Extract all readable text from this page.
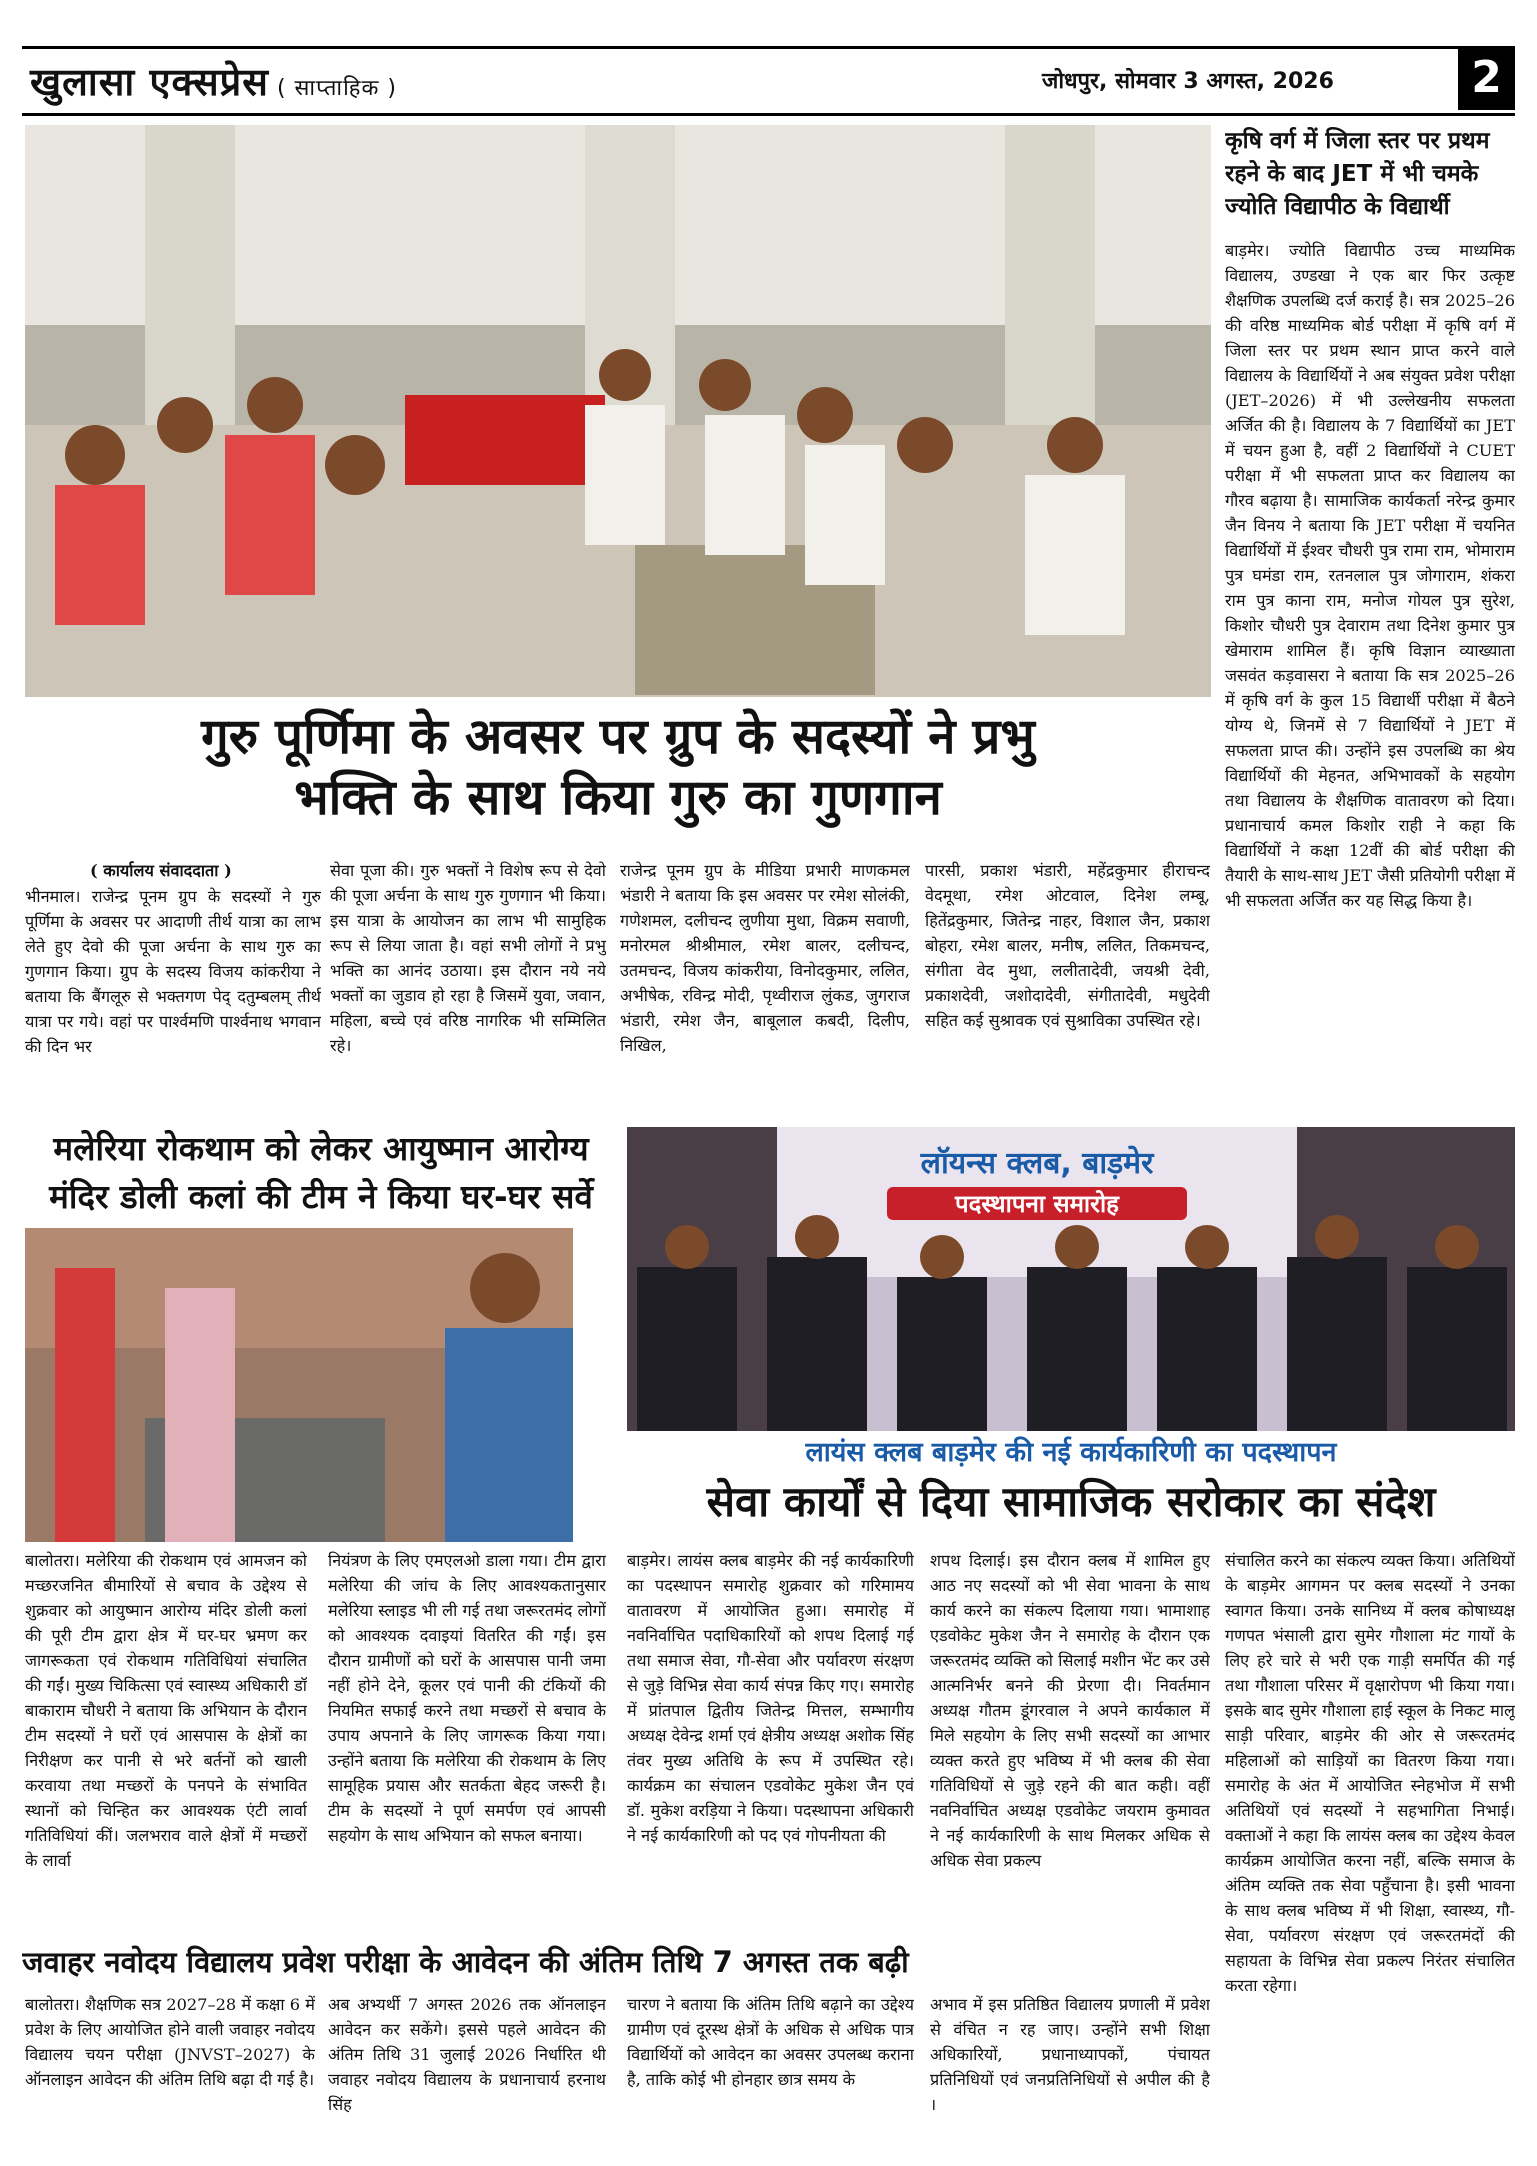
खुलासा एक्सप्रेस ( साप्ताहिक )	जोधपुर, सोमवार 3 अगस्त, 2026	2
गुरु पूर्णिमा के अवसर पर ग्रुप के सदस्यों ने प्रभु
भक्ति के साथ किया गुरु का गुणगान
( कार्यालय संवाददाता )
भीनमाल। राजेन्द्र पूनम ग्रुप के सदस्यों ने गुरु पूर्णिमा के अवसर पर आदाणी तीर्थ यात्रा का लाभ लेते हुए देवो की पूजा अर्चना के साथ गुरु का गुणगान किया। ग्रुप के सदस्य विजय कांकरीया ने बताया कि बैंगलूरु से भक्तगण पेद् दतुम्बलम् तीर्थ यात्रा पर गये। वहां पर पार्श्वमणि पार्श्वनाथ भगवान की दिन भर
सेवा पूजा की। गुरु भक्तों ने विशेष रूप से देवो की पूजा अर्चना के साथ गुरु गुणगान भी किया। इस यात्रा के आयोजन का लाभ भी सामुहिक रूप से लिया जाता है। वहां सभी लोगों ने प्रभु भक्ति का आनंद उठाया। इस दौरान नये नये भक्तों का जुडाव हो रहा है जिसमें युवा, जवान, महिला, बच्चे एवं वरिष्ठ नागरिक भी सम्मिलित रहे।
राजेन्द्र पूनम ग्रुप के मीडिया प्रभारी माणकमल भंडारी ने बताया कि इस अवसर पर रमेश सोलंकी, गणेशमल, दलीचन्द लुणीया मुथा, विक्रम सवाणी, मनोरमल श्रीश्रीमाल, रमेश बालर, दलीचन्द, उतमचन्द, विजय कांकरीया, विनोदकुमार, ललित, अभीषेक, रविन्द्र मोदी, पृथ्वीराज लुंकड, जुगराज भंडारी, रमेश जैन, बाबूलाल कबदी, दिलीप, निखिल,
पारसी, प्रकाश भंडारी, महेंद्रकुमार हीराचन्द वेदमूथा, रमेश ओटवाल, दिनेश लम्बू, हितेंद्रकुमार, जितेन्द्र नाहर, विशाल जैन, प्रकाश बोहरा, रमेश बालर, मनीष, ललित, तिकमचन्द, संगीता वेद मुथा, ललीतादेवी, जयश्री देवी, प्रकाशदेवी, जशोदादेवी, संगीतादेवी, मधुदेवी सहित कई सुश्रावक एवं सुश्राविका उपस्थित रहे।
कृषि वर्ग में जिला स्तर पर प्रथम रहने के बाद JET में भी चमके ज्योति विद्यापीठ के विद्यार्थी
बाड़मेर। ज्योति विद्यापीठ उच्च माध्यमिक विद्यालय, उण्डखा ने एक बार फिर उत्कृष्ट शैक्षणिक उपलब्धि दर्ज कराई है। सत्र 2025–26 की वरिष्ठ माध्यमिक बोर्ड परीक्षा में कृषि वर्ग में जिला स्तर पर प्रथम स्थान प्राप्त करने वाले विद्यालय के विद्यार्थियों ने अब संयुक्त प्रवेश परीक्षा (JET–2026) में भी उल्लेखनीय सफलता अर्जित की है। विद्यालय के 7 विद्यार्थियों का JET में चयन हुआ है, वहीं 2 विद्यार्थियों ने CUET परीक्षा में भी सफलता प्राप्त कर विद्यालय का गौरव बढ़ाया है। सामाजिक कार्यकर्ता नरेन्द्र कुमार जैन विनय ने बताया कि JET परीक्षा में चयनित विद्यार्थियों में ईश्वर चौधरी पुत्र रामा राम, भोमाराम पुत्र घमंडा राम, रतनलाल पुत्र जोगाराम, शंकरा राम पुत्र काना राम, मनोज गोयल पुत्र सुरेश, किशोर चौधरी पुत्र देवाराम तथा दिनेश कुमार पुत्र खेमाराम शामिल हैं। कृषि विज्ञान व्याख्याता जसवंत कड़वासरा ने बताया कि सत्र 2025–26 में कृषि वर्ग के कुल 15 विद्यार्थी परीक्षा में बैठने योग्य थे, जिनमें से 7 विद्यार्थियों ने JET में सफलता प्राप्त की। उन्होंने इस उपलब्धि का श्रेय विद्यार्थियों की मेहनत, अभिभावकों के सहयोग तथा विद्यालय के शैक्षणिक वातावरण को दिया। प्रधानाचार्य कमल किशोर राही ने कहा कि विद्यार्थियों ने कक्षा 12वीं की बोर्ड परीक्षा की तैयारी के साथ-साथ JET जैसी प्रतियोगी परीक्षा में भी सफलता अर्जित कर यह सिद्ध किया है।
मलेरिया रोकथाम को लेकर आयुष्मान आरोग्य
मंदिर डोली कलां की टीम ने किया घर-घर सर्वे
बालोतरा। मलेरिया की रोकथाम एवं आमजन को मच्छरजनित बीमारियों से बचाव के उद्देश्य से शुक्रवार को आयुष्मान आरोग्य मंदिर डोली कलां की पूरी टीम द्वारा क्षेत्र में घर-घर भ्रमण कर जागरूकता एवं रोकथाम गतिविधियां संचालित की गईं। मुख्य चिकित्सा एवं स्वास्थ्य अधिकारी डॉ बाकाराम चौधरी ने बताया कि अभियान के दौरान टीम सदस्यों ने घरों एवं आसपास के क्षेत्रों का निरीक्षण कर पानी से भरे बर्तनों को खाली करवाया तथा मच्छरों के पनपने के संभावित स्थानों को चिन्हित कर आवश्यक एंटी लार्वा गतिविधियां कीं। जलभराव वाले क्षेत्रों में मच्छरों के लार्वा
नियंत्रण के लिए एमएलओ डाला गया। टीम द्वारा मलेरिया की जांच के लिए आवश्यकतानुसार मलेरिया स्लाइड भी ली गई तथा जरूरतमंद लोगों को आवश्यक दवाइयां वितरित की गईं। इस दौरान ग्रामीणों को घरों के आसपास पानी जमा नहीं होने देने, कूलर एवं पानी की टंकियों की नियमित सफाई करने तथा मच्छरों से बचाव के उपाय अपनाने के लिए जागरूक किया गया। उन्होंने बताया कि मलेरिया की रोकथाम के लिए सामूहिक प्रयास और सतर्कता बेहद जरूरी है। टीम के सदस्यों ने पूर्ण समर्पण एवं आपसी सहयोग के साथ अभियान को सफल बनाया।
लॉयन्स क्लब, बाड़मेर
पदस्थापना समारोह
लायंस क्लब बाड़मेर की नई कार्यकारिणी का पदस्थापन
सेवा कार्यों से दिया सामाजिक सरोकार का संदेश
बाड़मेर। लायंस क्लब बाड़मेर की नई कार्यकारिणी का पदस्थापन समारोह शुक्रवार को गरिमामय वातावरण में आयोजित हुआ। समारोह में नवनिर्वाचित पदाधिकारियों को शपथ दिलाई गई तथा समाज सेवा, गौ-सेवा और पर्यावरण संरक्षण से जुड़े विभिन्न सेवा कार्य संपन्न किए गए। समारोह में प्रांतपाल द्वितीय जितेन्द्र मित्तल, सम्भागीय अध्यक्ष देवेन्द्र शर्मा एवं क्षेत्रीय अध्यक्ष अशोक सिंह तंवर मुख्य अतिथि के रूप में उपस्थित रहे। कार्यक्रम का संचालन एडवोकेट मुकेश जैन एवं डॉ. मुकेश वरड़िया ने किया। पदस्थापना अधिकारी ने नई कार्यकारिणी को पद एवं गोपनीयता की
शपथ दिलाई। इस दौरान क्लब में शामिल हुए आठ नए सदस्यों को भी सेवा भावना के साथ कार्य करने का संकल्प दिलाया गया। भामाशाह एडवोकेट मुकेश जैन ने समारोह के दौरान एक जरूरतमंद व्यक्ति को सिलाई मशीन भेंट कर उसे आत्मनिर्भर बनने की प्रेरणा दी। निवर्तमान अध्यक्ष गौतम डूंगरवाल ने अपने कार्यकाल में मिले सहयोग के लिए सभी सदस्यों का आभार व्यक्त करते हुए भविष्य में भी क्लब की सेवा गतिविधियों से जुड़े रहने की बात कही। वहीं नवनिर्वाचित अध्यक्ष एडवोकेट जयराम कुमावत ने नई कार्यकारिणी के साथ मिलकर अधिक से अधिक सेवा प्रकल्प
संचालित करने का संकल्प व्यक्त किया। अतिथियों के बाड़मेर आगमन पर क्लब सदस्यों ने उनका स्वागत किया। उनके सानिध्य में क्लब कोषाध्यक्ष गणपत भंसाली द्वारा सुमेर गौशाला मंट गायों के लिए हरे चारे से भरी एक गाड़ी समर्पित की गई तथा गौशाला परिसर में वृक्षारोपण भी किया गया। इसके बाद सुमेर गौशाला हाई स्कूल के निकट मालू साड़ी परिवार, बाड़मेर की ओर से जरूरतमंद महिलाओं को साड़ियों का वितरण किया गया। समारोह के अंत में आयोजित स्नेहभोज में सभी अतिथियों एवं सदस्यों ने सहभागिता निभाई। वक्ताओं ने कहा कि लायंस क्लब का उद्देश्य केवल कार्यक्रम आयोजित करना नहीं, बल्कि समाज के अंतिम व्यक्ति तक सेवा पहुँचाना है। इसी भावना के साथ क्लब भविष्य में भी शिक्षा, स्वास्थ्य, गौ-सेवा, पर्यावरण संरक्षण एवं जरूरतमंदों की सहायता के विभिन्न सेवा प्रकल्प निरंतर संचालित करता रहेगा।
जवाहर नवोदय विद्यालय प्रवेश परीक्षा के आवेदन की अंतिम तिथि 7 अगस्त तक बढ़ी
बालोतरा। शैक्षणिक सत्र 2027–28 में कक्षा 6 में प्रवेश के लिए आयोजित होने वाली जवाहर नवोदय विद्यालय चयन परीक्षा (JNVST–2027) के ऑनलाइन आवेदन की अंतिम तिथि बढ़ा दी गई है।
अब अभ्यर्थी 7 अगस्त 2026 तक ऑनलाइन आवेदन कर सकेंगे। इससे पहले आवेदन की अंतिम तिथि 31 जुलाई 2026 निर्धारित थी जवाहर नवोदय विद्यालय के प्रधानाचार्य हरनाथ सिंह
चारण ने बताया कि अंतिम तिथि बढ़ाने का उद्देश्य ग्रामीण एवं दूरस्थ क्षेत्रों के अधिक से अधिक पात्र विद्यार्थियों को आवेदन का अवसर उपलब्ध कराना है, ताकि कोई भी होनहार छात्र समय के
अभाव में इस प्रतिष्ठित विद्यालय प्रणाली में प्रवेश से वंचित न रह जाए। उन्होंने सभी शिक्षा अधिकारियों, प्रधानाध्यापकों, पंचायत प्रतिनिधियों एवं जनप्रतिनिधियों से अपील की है ।
